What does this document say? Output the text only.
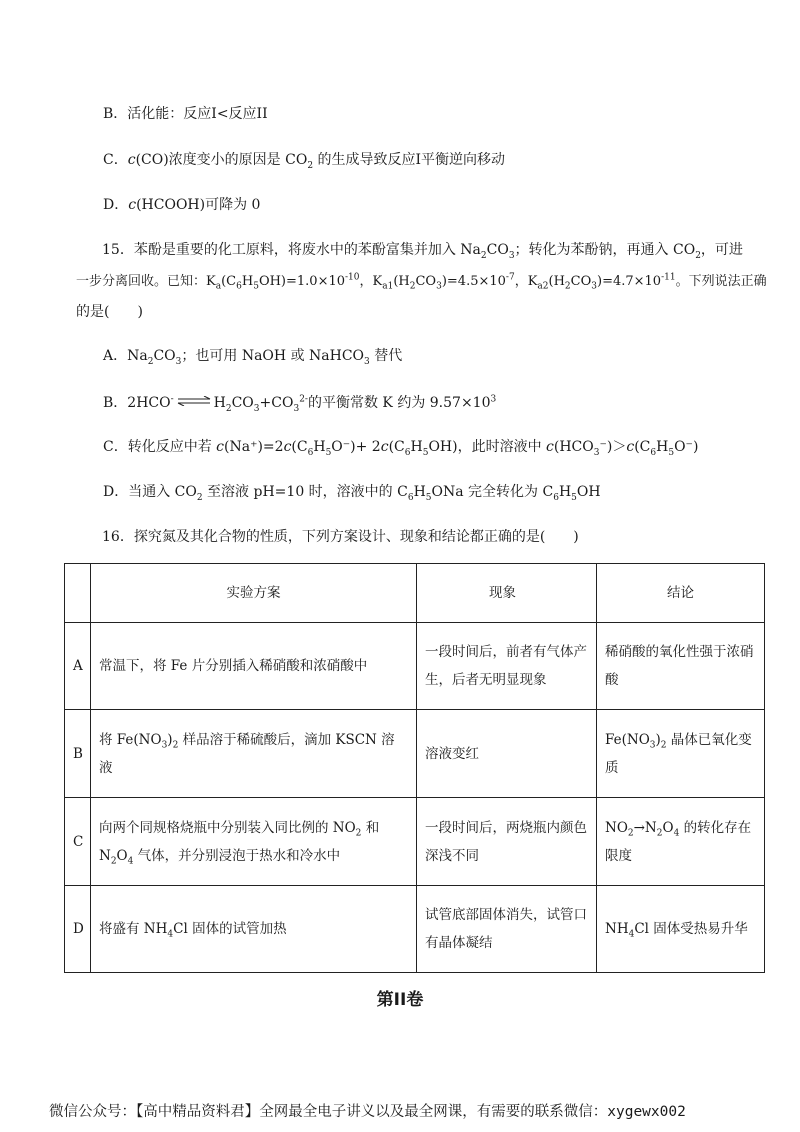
B．活化能：反应I<反应II
C．c(CO)浓度变小的原因是 $CO_2$ 的生成导致反应I平衡逆向移动
D．c(HCOOH)可降为 0
15．苯酚是重要的化工原料，将废水中的苯酚富集并加入 $Na_2CO_3$；转化为苯酚钠，再通入 $CO_2$，可进
一步分离回收。已知：$K_a(C_6H_5OH)=1.0\times 10^{-10}$，$K_{a1}(H_2CO_3)=4.5\times 10^{-7}$，$K_{a2}(H_2CO_3)=4.7\times 10^{-11}$。下列说法正确
的是(　　)
A．$Na_2CO_3$；也可用 NaOH 或 NaHCO$_3$ 替代
B．2HCO- ⇌ $H_2CO_3+CO_3^{2-}$的平衡常数 K 约为 $9.57\times 10^3$
C．转化反应中若 $c(Na^+)=2c(C_6H_5O^-)+ 2c(C_6H_5OH)$，此时溶液中 $c(HCO_3^-)>c(C_6H_5O^-)$
D．当通入 $CO_2$ 至溶液 pH=10 时，溶液中的 $C_6H_5ONa$ 完全转化为 $C_6H_5OH$
16．探究氮及其化合物的性质，下列方案设计、现象和结论都正确的是(　　)
	实验方案	现象	结论
A	常温下，将 Fe 片分别插入稀硝酸和浓硝酸中	一段时间后，前者有气体产生，后者无明显现象	稀硝酸的氧化性强于浓硝酸
B	将 $Fe(NO_3)_2$ 样品溶于稀硫酸后，滴加 KSCN 溶液	溶液变红	$Fe(NO_3)_2$ 晶体已氧化变质
C	向两个同规格烧瓶中分别装入同比例的 $NO_2$ 和 $N_2O_4$ 气体，并分别浸泡于热水和冷水中	一段时间后，两烧瓶内颜色深浅不同	$NO_2\to N_2O_4$ 的转化存在限度
D	将盛有 $NH_4Cl$ 固体的试管加热	试管底部固体消失，试管口有晶体凝结	$NH_4Cl$ 固体受热易升华
第II卷
微信公众号：【高中精品资料君】全网最全电子讲义以及最全网课，有需要的联系微信：xygewx002
